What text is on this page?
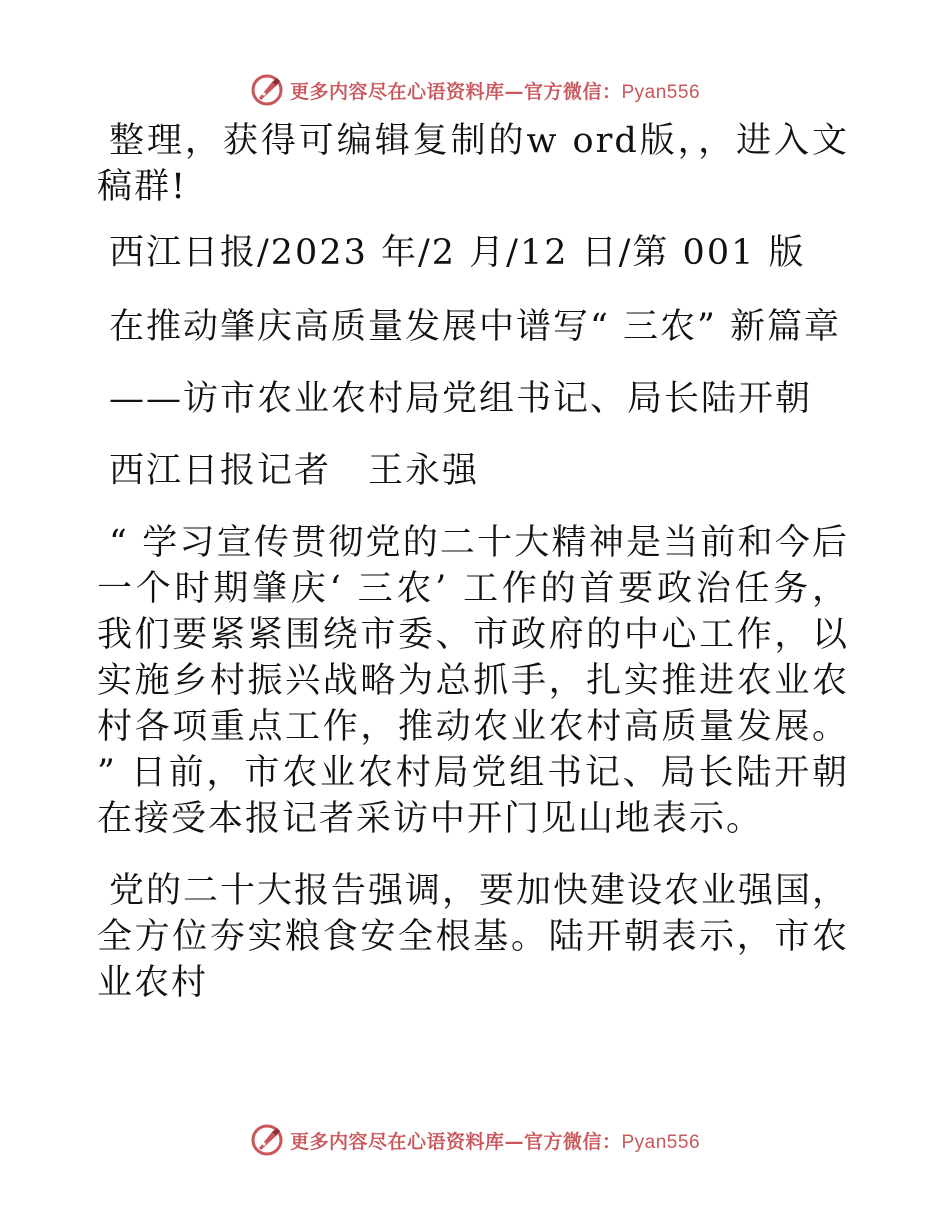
更多内容尽在心语资料库—官方微信：Pyan556

整理，获得可编辑复制的w ord版，，进入文稿群!

西江日报/2023 年/2 月/12 日/第 001 版
在推动肇庆高质量发展中谱写“ 三农” 新篇章
——访市农业农村局党组书记、局长陆开朝
西江日报记者　王永强

“ 学习宣传贯彻党的二十大精神是当前和今后一个时期肇庆‘ 三农’ 工作的首要政治任务，我们要紧紧围绕市委、市政府的中心工作，以实施乡村振兴战略为总抓手，扎实推进农业农村各项重点工作，推动农业农村高质量发展。 ” 日前，市农业农村局党组书记、局长陆开朝在接受本报记者采访中开门见山地表示。

党的二十大报告强调，要加快建设农业强国，全方位夯实粮食安全根基。陆开朝表示，市农业农村

更多内容尽在心语资料库—官方微信：Pyan556
